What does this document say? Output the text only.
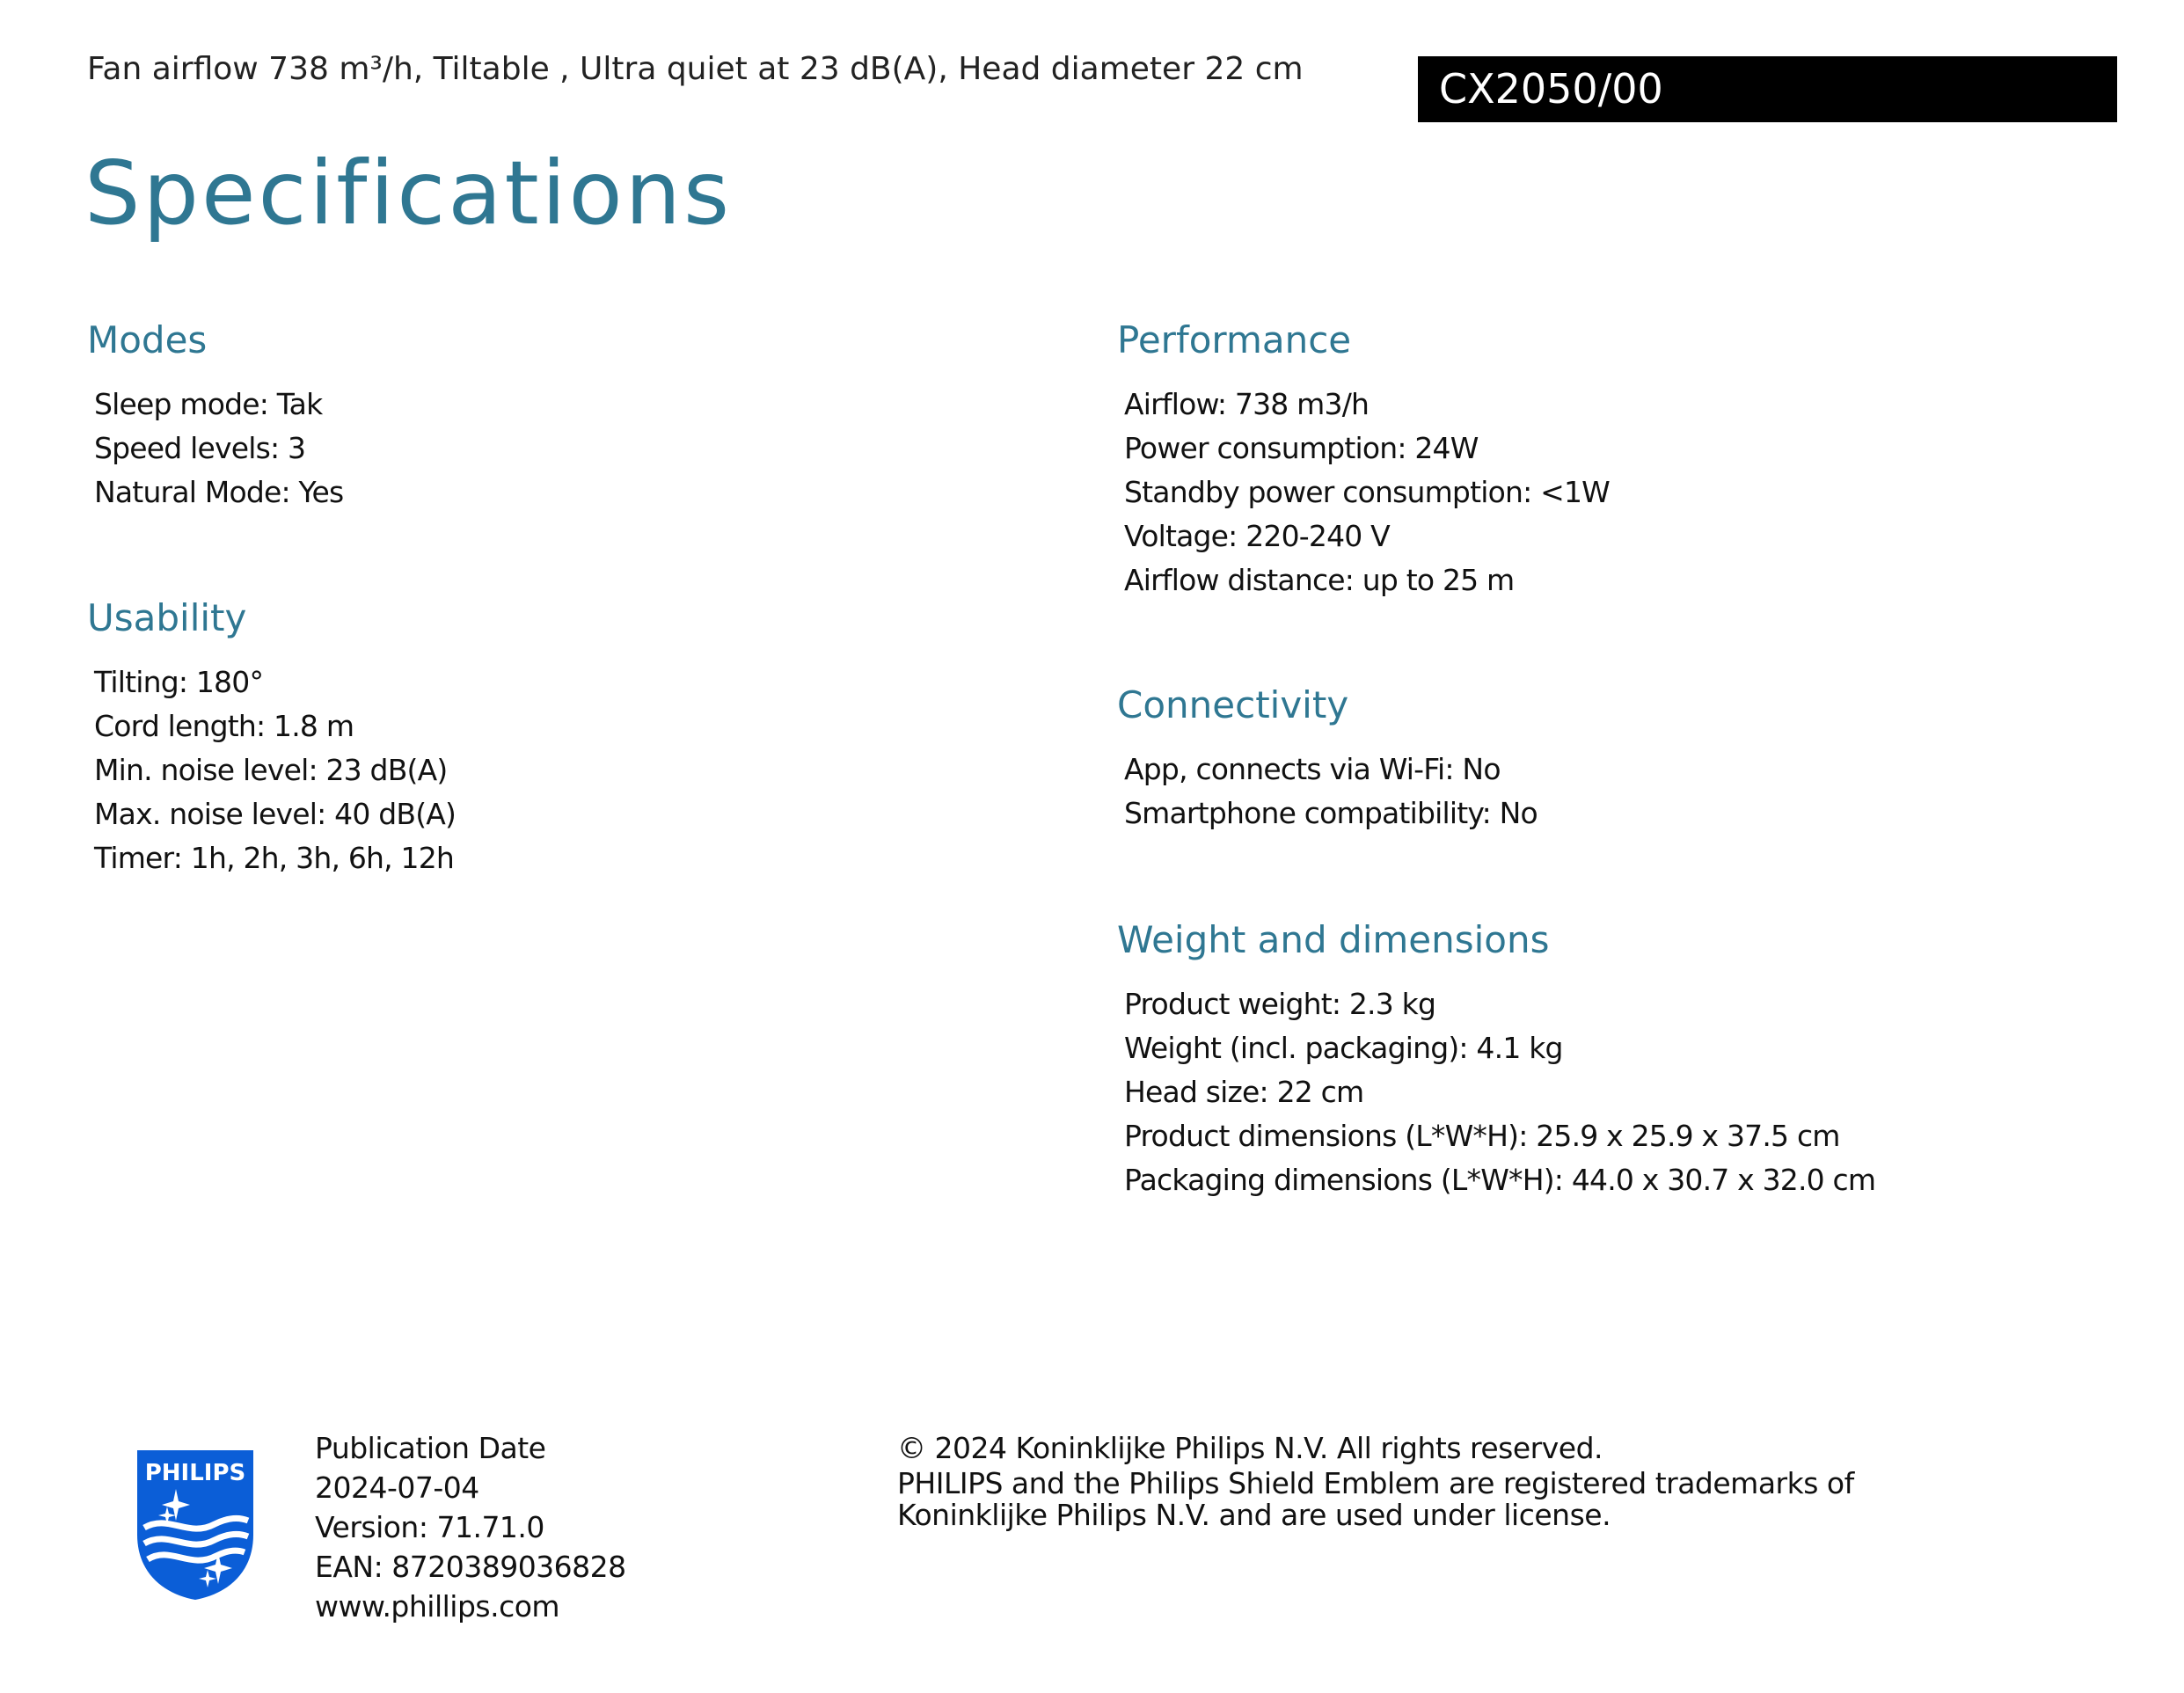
Fan airflow 738 m³/h, Tiltable , Ultra quiet at 23 dB(A), Head diameter 22 cm	CX2050/00
Specifications
Modes
Sleep mode: Tak
Speed levels: 3
Natural Mode: Yes
Usability
Tilting: 180°
Cord length: 1.8 m
Min. noise level: 23 dB(A)
Max. noise level: 40 dB(A)
Timer: 1h, 2h, 3h, 6h, 12h
Performance
Airflow: 738 m3/h
Power consumption: 24W
Standby power consumption: <1W
Voltage: 220-240 V
Airflow distance: up to 25 m
Connectivity
App, connects via Wi-Fi: No
Smartphone compatibility: No
Weight and dimensions
Product weight: 2.3 kg
Weight (incl. packaging): 4.1 kg
Head size: 22 cm
Product dimensions (L*W*H): 25.9 x 25.9 x 37.5 cm
Packaging dimensions (L*W*H): 44.0 x 30.7 x 32.0 cm
PHILIPS
Publication Date
2024-07-04
Version: 71.71.0
EAN: 8720389036828
www.phillips.com
© 2024 Koninklijke Philips N.V. All rights reserved.
PHILIPS and the Philips Shield Emblem are registered trademarks of
Koninklijke Philips N.V. and are used under license.
